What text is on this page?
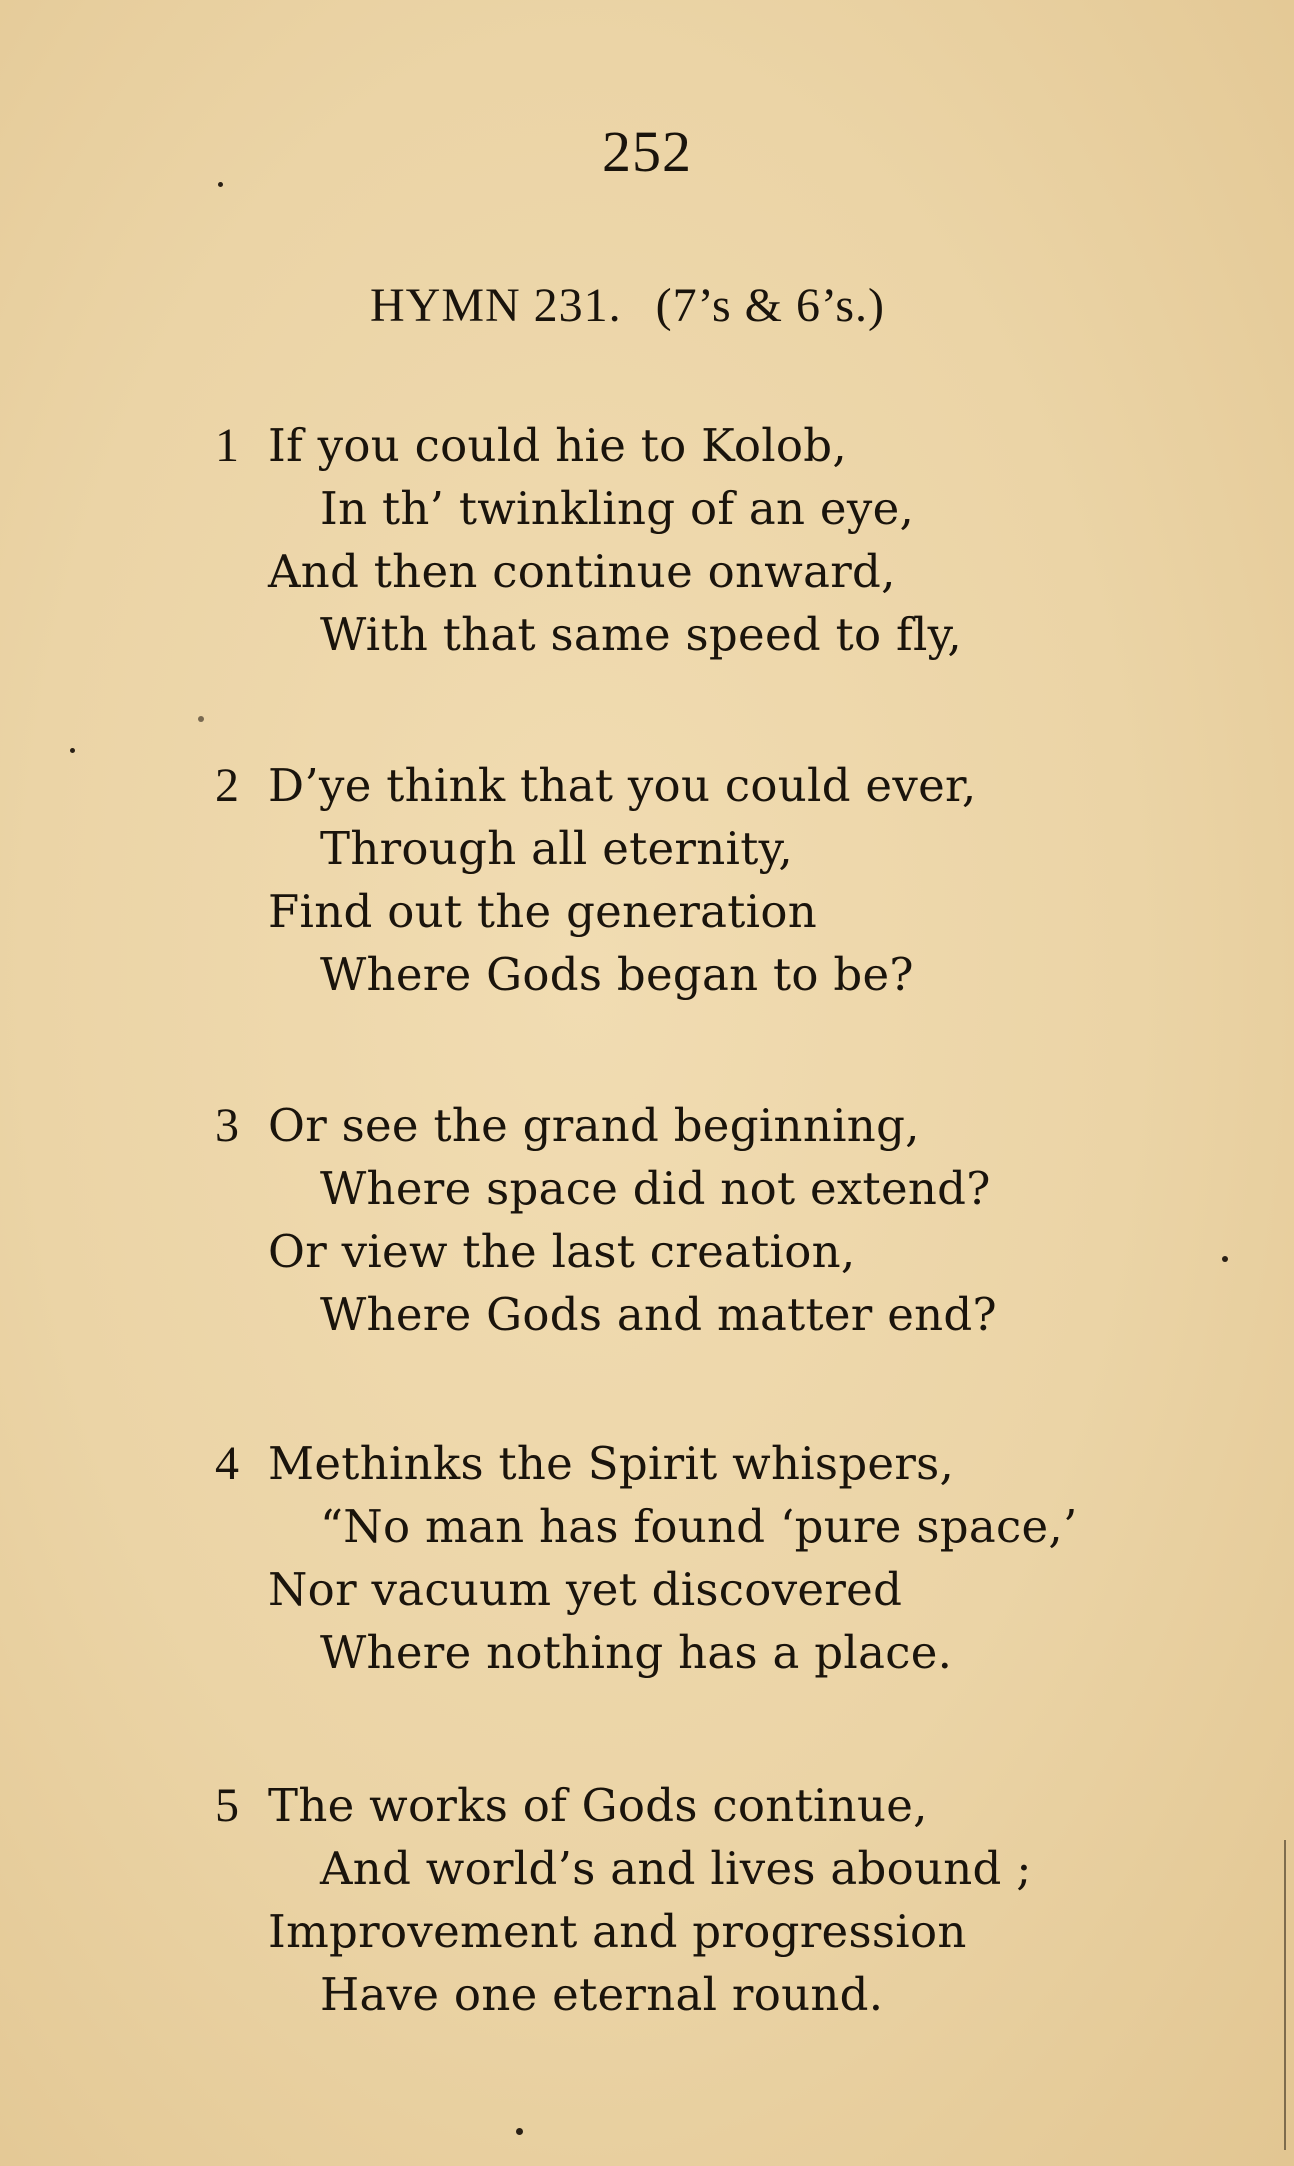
252
HYMN 231. (7’s & 6’s.)
1 If you could hie to Kolob,
In th’ twinkling of an eye,
And then continue onward,
With that same speed to fly,
2 D’ye think that you could ever,
Through all eternity,
Find out the generation
Where Gods began to be?
3 Or see the grand beginning,
Where space did not extend?
Or view the last creation,
Where Gods and matter end?
4 Methinks the Spirit whispers,
“No man has found ‘pure space,’
Nor vacuum yet discovered
Where nothing has a place.
5 The works of Gods continue,
And world’s and lives abound ;
Improvement and progression
Have one eternal round.
